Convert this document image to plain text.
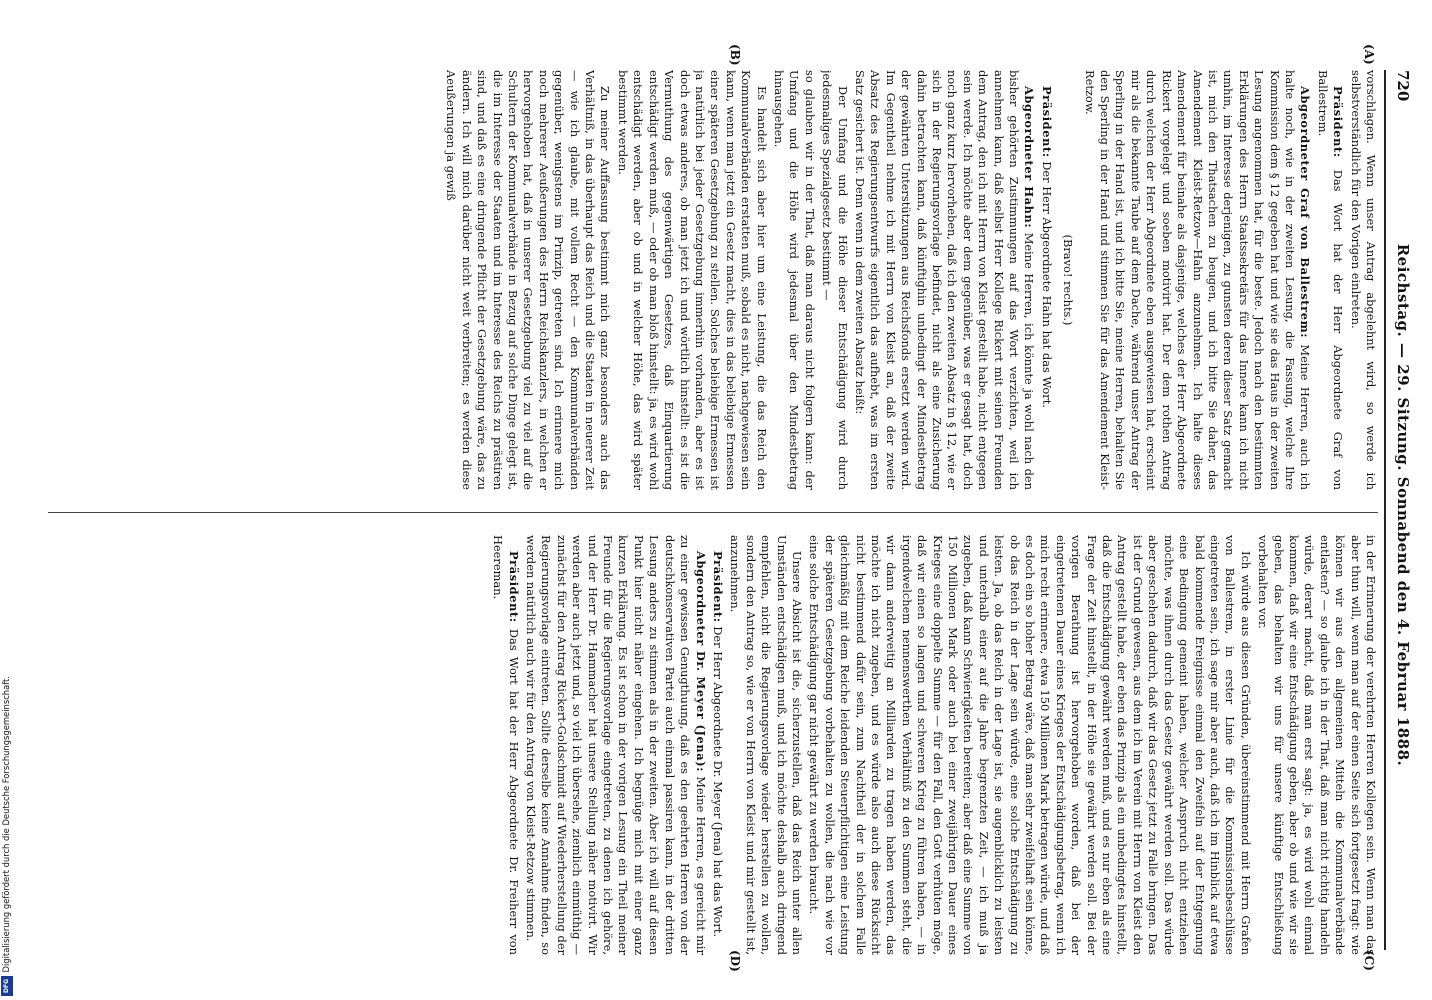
720
Reichstag. — 29. Sitzung. Sonnabend den 4. Februar 1888.
(A)
(B)
(C)
(D)

vorschlagen. Wenn unser Antrag abgelehnt wird, so werde ich selbstverständlich für den Vorigen einlreten.

Präsident: Das Wort hat der Herr Abgeordnete Graf von Ballestrem.

Abgeordneter Graf von Ballestrem: Meine Herren, auch ich halte noch, wie in der zweiten Lesung, die Fassung, welche Ihre Kommission dem § 12 gegeben hat und wie sie das Haus in der zweiten Lesung angenommen hat, für die beste. Jedoch nach den bestimmten Erklärungen des Herrn Staatssekretärs für das Innere kann ich nicht umhin, im Interesse derjenigen, zu gunsten deren dieser Satz gemacht ist, mich den Thatsachen zu beugen, und ich bitte Sie daher, das Amendement Kleist-Retzow—Hahn anzunehmen. Ich halte dieses Amendement für beinahe als dasjenige, welches der Herr Abgeordnete Rickert vorgelegt und soeben motivirt hat. Der dem rothen Antrag durch welchen der Herr Abgeordnete eben ausgewiesen hat, erscheint mir als die bekannte Taube auf dem Dache, während unser Antrag der Sperling in der Hand ist, und ich bitte Sie, meine Herren, behalten Sie den Sperling in der Hand und stimmen Sie für das Amendement Kleist-Retzow.

(Bravo! rechts.)

Präsident: Der Herr Abgeordnete Hahn hat das Wort.

Abgeordneter Hahn: Meine Herren, ich könnte ja wohl nach den bisher gehörten Zustimmungen auf das Wort verzichten, weil ich annehmen kann, daß selbst Herr Kollege Rickert mit seinen Freunden dem Antrag, den ich mit Herrn von Kleist gestellt habe, nicht entgegen sein werde. Ich möchte aber dem gegenüber, was er gesagt hat, doch noch ganz kurz hervorheben, daß ich den zweiten Absatz in § 12, wie er sich in der Regierungsvorlage befindet, nicht als eine Zusicherung dahin betrachten kann, daß künftighin unbedingt der Mindestbetrag der gewährten Unterstützungen aus Reichsfonds ersetzt werden wird. Im Gegentheil nehme ich mit Herrn von Kleist an, daß der zweite Absatz des Regierungsentwurfs eigentlich das aufhebt, was im ersten Satz gesichert ist. Denn wenn in dem zweiten Absatz heißt:

Der Umfang und die Höhe dieser Entschädigung wird durch jedesmaliges Spezialgesetz bestimmt —

so glauben wir in der That, daß man daraus nicht folgern kann: der Umfang und die Höhe wird jedesmal über den Mindestbetrag hinausgehen.

Es handelt sich aber hier um eine Leistung, die das Reich den Kommunalverbänden erstatten muß, sobald es nicht, nachgewiesen sein kann, wenn man jetzt ein Gesetz macht, dies in das beliebige Ermessen einer späteren Gesetzgebung zu stellen. Solches beliebige Ermessen ist ja natürlich bei jeder Gesetzgebung immerhin vorhanden, aber es ist doch etwas anderes, ob man jetzt ich und wörtlich hinstellt: es ist die Vermuthung des gegenwärtigen Gesetzes, daß Einquartierung entschädigt werden muß, — oder ob man bloß hinstellt: ja, es wird wohl entschädigt werden, aber ob und in welcher Höhe, das wird später bestimmt werden.

Zu meiner Auffassung bestimmt mich ganz besonders auch das Verhältniß, in das überhaupt das Reich und die Staaten in neuerer Zeit — wie ich glaube, mit vollem Recht — den Kommunalverbänden gegenüber, wenigstens im Prinzip, getreten sind. Ich erinnere mich noch mehrerer Aeußerungen des Herrn Reichskanzlers, in welchen er hervorgehoben hat, daß in unserer Gesetzgebung viel zu viel auf die Schultern der Kommunalverbände in Bezug auf solche Dinge gelegt ist, die im Interesse der Staaten und im Interesse des Reichs zu prästiren sind, und daß es eine dringende Pflicht der Gesetzgebung wäre, das zu ändern. Ich will mich darüber nicht weit verbreiten; es werden diese Aeußerungen ja gewiß

in der Erinnerung der verehrten Herren Kollegen sein. Wenn man das aber thun will, wenn man auf der einen Seite sich fortgesetzt fragt: wie können wir aus den allgemeinen Mitteln die Kommunalverbände entlasten? — so glaube ich in der That, daß man nicht richtig handeln würde, derart macht, daß man erst sagt: ja, es wird wohl einmal kommen, daß wir eine Entschädigung geben, aber ob und wie wir sie geben, das behalten wir uns für unsere künftige Entschließung vorbehalten vor.

Ich würde aus diesen Gründen, übereinstimmend mit Herrn Grafen von Ballestrem, in erster Linie für die Kommissionsbeschlüsse eingetreten sein, ich sage mir aber auch, daß ich im Hinblick auf etwa bald kommende Ereignisse einmal den Zweifeln auf der Entgegnung eine Bedingung gemeint haben, welcher Anspruch nicht entziehen möchte, was ihnen durch das Gesetz gewährt werden soll. Das würde aber geschehen dadurch, daß wir das Gesetz jetzt zu Falle bringen. Das ist der Grund gewesen, aus dem ich im Verein mit Herrn von Kleist den Antrag gestellt habe, der eben das Prinzip als ein unbedingtes hinstellt, daß die Entschädigung gewährt werden muß, und es nur eben als eine Frage der Zeit hinstellt, in der Höhe sie gewährt werden soll. Bei der vorigen Berathung ist hervorgehoben worden, daß bei der eingetretenen Dauer eines Krieges der Entschädigungsbetrag, wenn ich mich recht erinnere, etwa 150 Millionen Mark betragen würde, und daß es doch ein so hoher Betrag wäre, daß man sehr zweifelhaft sein könne, ob das Reich in der Lage sein würde, eine solche Entschädigung zu leisten. Ja, ob das Reich in der Lage ist, sie augenblicklich zu leisten und unterhalb einer auf die Jahre begrenzten Zeit, — ich muß ja zugeben, daß kann Schwierigkeiten bereiten; aber daß eine Summe von 150 Millionen Mark oder auch bei einer zweijährigen Dauer eines Krieges eine doppelte Summe — für den Fall, den Gott verhüten möge, daß wir einen so langen und schweren Krieg zu führen haben, — in irgendwelchem nennenswerthen Verhältniß zu den Summen steht, die wir dann anderweitig an Milliarden zu tragen haben werden, das möchte ich nicht zugeben, und es würde also auch diese Rücksicht nicht bestimmend dafür sein, zum Nachtheil der in solchem Falle gleichmäßig mit dem Reiche leidenden Steuerpflichtigen eine Leistung der späteren Gesetzgebung vorbehalten zu wollen, die nach wie vor eine solche Entschädigung gar nicht gewährt zu werden braucht.

Unsere Absicht ist die, sicherzustellen, daß das Reich unter allen Umständen entschädigen muß, und ich möchte deshalb auch dringend empfehlen, nicht die Regierungsvorlage wieder herstellen zu wollen, sondern den Antrag so, wie er von Herrn von Kleist und mir gestellt ist, anzunehmen.

Präsident: Der Herr Abgeordnete Dr. Meyer (Jena) hat das Wort.

Abgeordneter Dr. Meyer (Jena): Meine Herren, es gereicht mir zu einer gewissen Genugthuung, daß es den geehrten Herren von der deutschkonservativen Partei auch einmal passiren kann, in der dritten Lesung anders zu stimmen als in der zweiten. Aber ich will auf diesen Punkt hier nicht näher eingehen. Ich begnüge mich mit einer ganz kurzen Erklärung. Es ist schon in der vorigen Lesung ein Theil meiner Freunde für die Regierungsvorlage eingetreten, zu denen ich gehöre, und der Herr Dr. Hammacher hat unsere Stellung näher motivirt. Wir werden aber auch jetzt und, so viel ich übersehe, ziemlich einmüthig — zunächst für den Antrag Rickert-Goldschmidt auf Wiederherstellung der Regierungsvorlage eintreten. Sollte derselbe keine Annahme finden, so werden natürlich auch wir für den Antrag von Kleist-Retzow stimmen.

Präsident: Das Wort hat der Herr Abgeordnete Dr. Freiherr von Heereman.

Digitalisierung gefördert durch die Deutsche Forschungsgemeinschaft.
DFG
